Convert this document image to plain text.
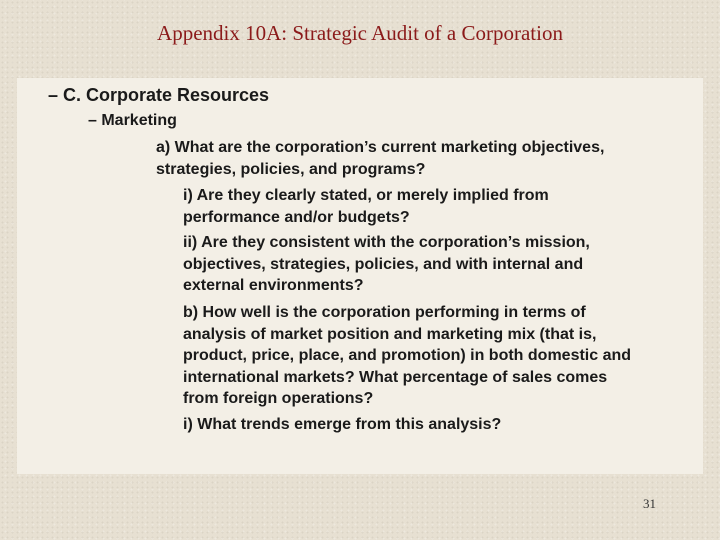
Appendix 10A: Strategic Audit of a Corporation
– C. Corporate Resources
– Marketing
a) What are the corporation’s current marketing objectives,
strategies, policies, and programs?
i) Are they clearly stated, or merely implied from
performance and/or budgets?
ii) Are they consistent with the corporation’s mission,
objectives, strategies, policies, and with internal and
external environments?
b) How well is the corporation performing in terms of
analysis of market position and marketing mix (that is,
product, price, place, and promotion) in both domestic and
international markets? What percentage of sales comes
from foreign operations?
i) What trends emerge from this analysis?
31
